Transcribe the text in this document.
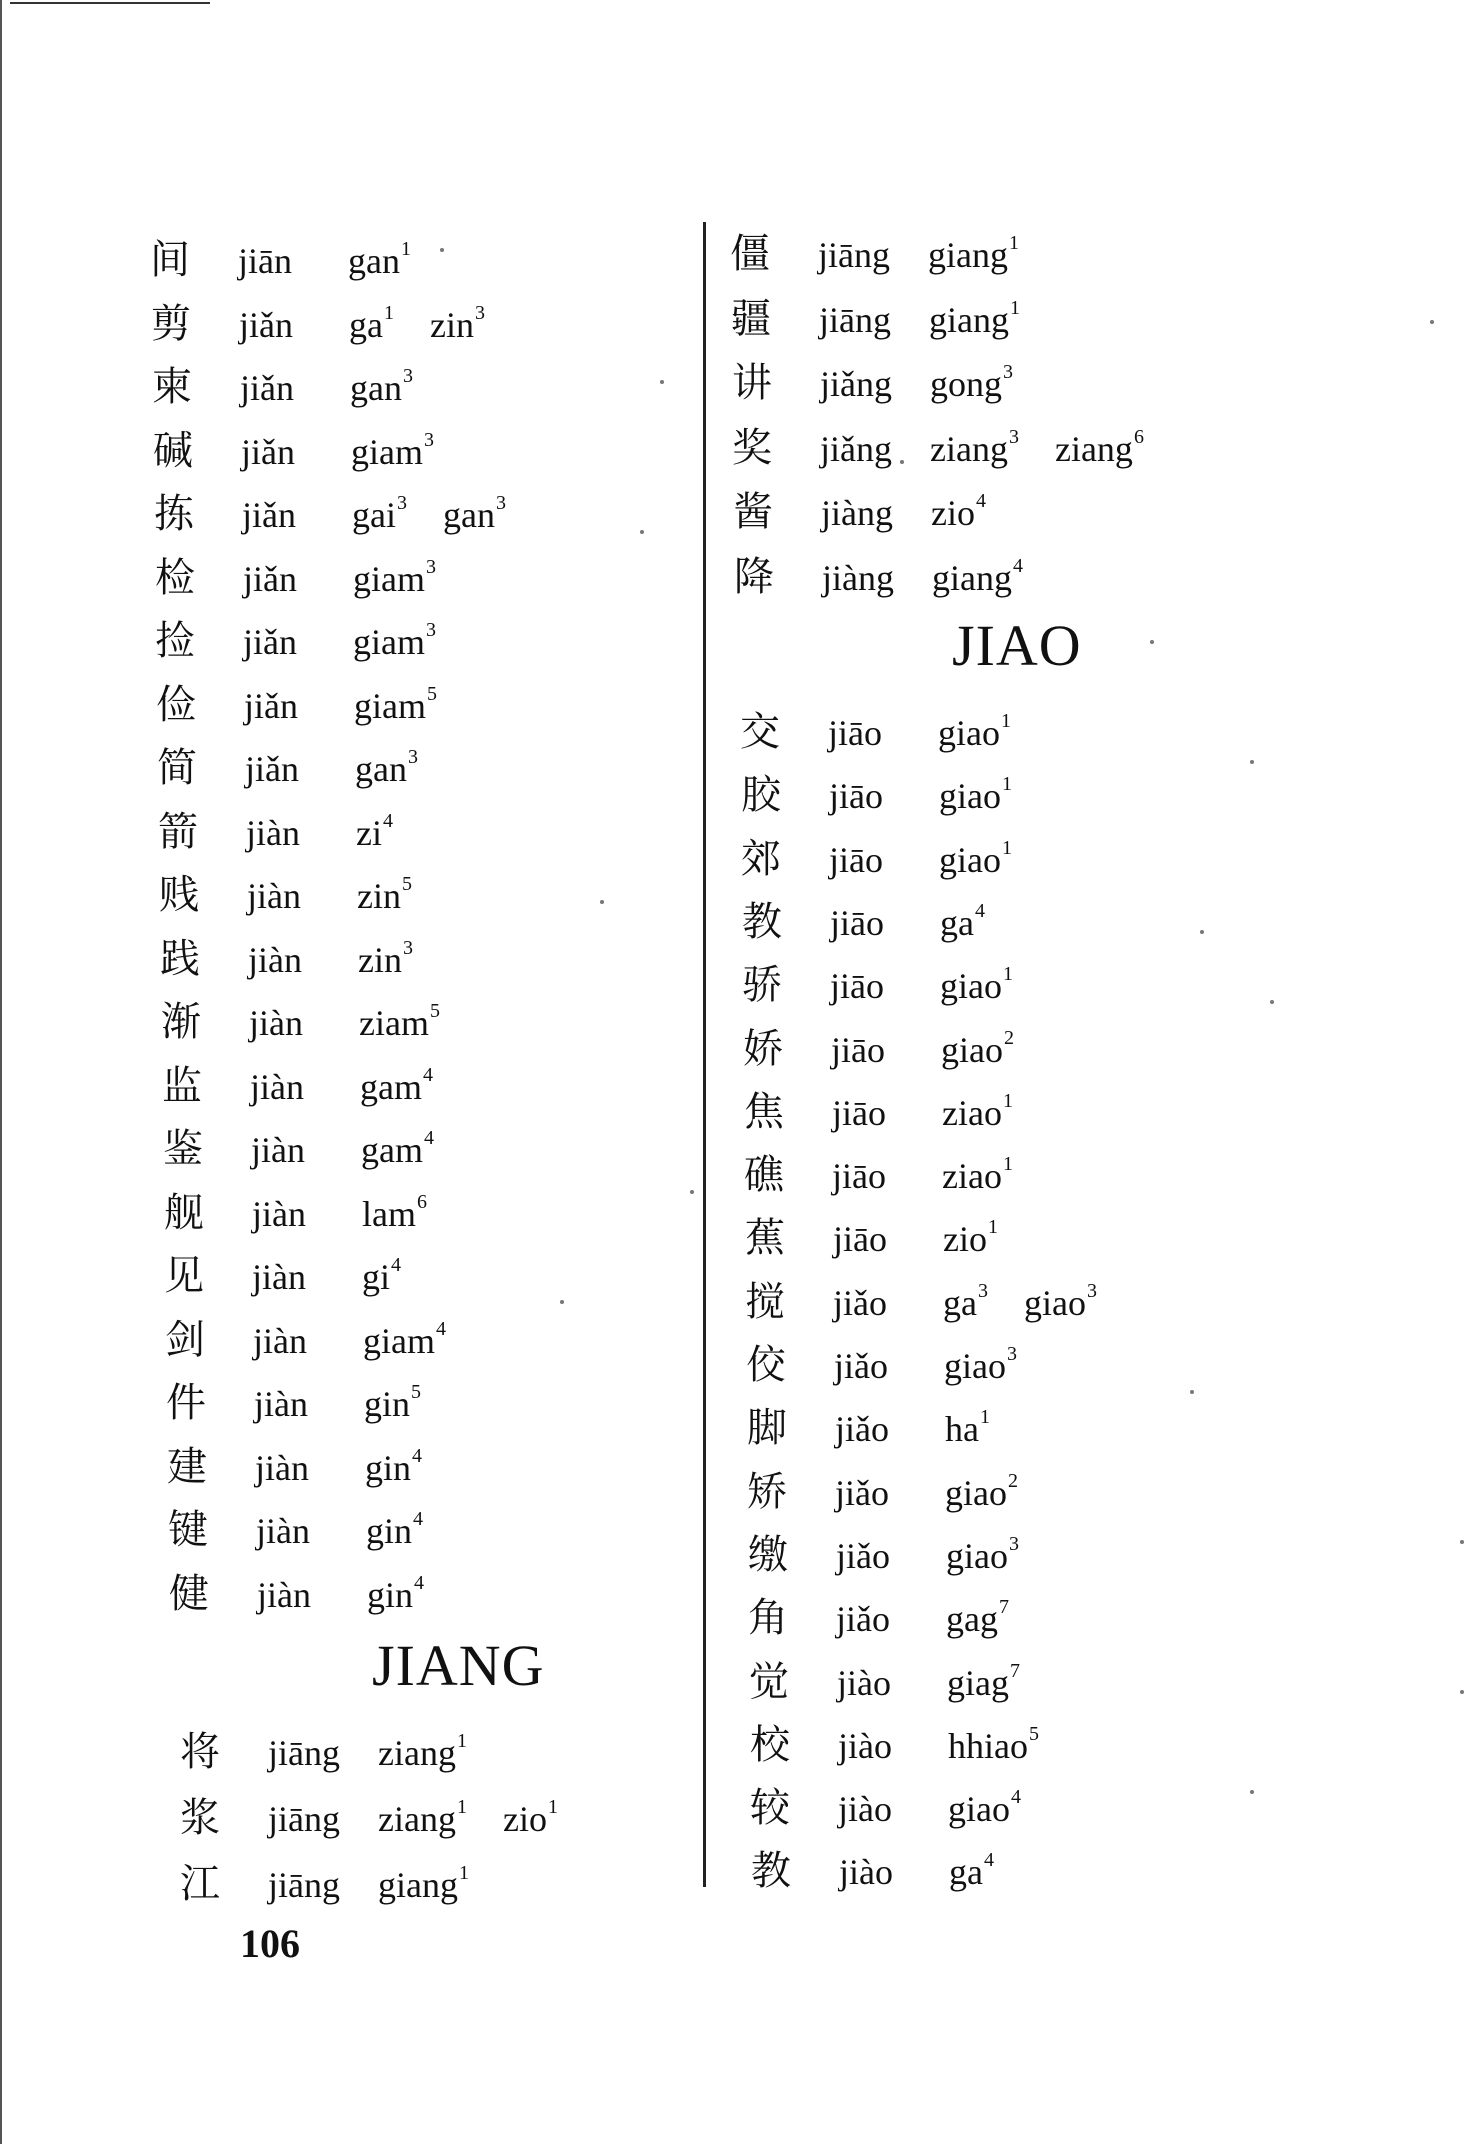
间	jiān	gan$^1$
剪	jiǎn	$ga^1$ zin$^3$
柬	jiǎn	gan$^3$
碱	jiǎn	giam$^3$
拣	jiǎn	gai$^3$ gan$^3$
检	jiǎn	giam$^3$
捡	jiǎn	giam$^3$
俭	jiǎn	giam$^5$
简	jiǎn	gan$^3$
箭	jiàn	$zi^4$
贱	jiàn	zin$^5$
践	jiàn	zin$^3$
渐	jiàn	ziam$^5$
监	jiàn	gam$^4$
鉴	jiàn	gam$^4$
舰	jiàn	lam$^6$
见	jiàn	$gi^4$
剑	jiàn	giam$^4$
件	jiàn	gin$^5$
建	jiàn	gin$^4$
键	jiàn	gin$^4$
健	jiàn	gin$^4$
JIANG
将	jiāng	ziang$^1$
浆	jiāng	ziang$^1$ zio$^1$
江	jiāng	giang$^1$
僵	jiāng	giang$^1$
疆	jiāng	giang$^1$
讲	jiǎng	gong$^3$
奖	jiǎng	ziang$^3$ ziang$^6$
酱	jiàng	zio$^4$
降	jiàng	giang$^4$
JIAO
交	jiāo	giao$^1$
胶	jiāo	giao$^1$
郊	jiāo	giao$^1$
教	jiāo	$ga^4$
骄	jiāo	giao$^1$
娇	jiāo	giao$^2$
焦	jiāo	ziao$^1$
礁	jiāo	ziao$^1$
蕉	jiāo	zio$^1$
搅	jiǎo	$ga^3$ giao$^3$
佼	jiǎo	giao$^3$
脚	jiǎo	$ha^1$
矫	jiǎo	giao$^2$
缴	jiǎo	giao$^3$
角	jiǎo	gag$^7$
觉	jiào	giag$^7$
校	jiào	hhiao$^5$
较	jiào	giao$^4$
教	jiào	$ga^4$
106
